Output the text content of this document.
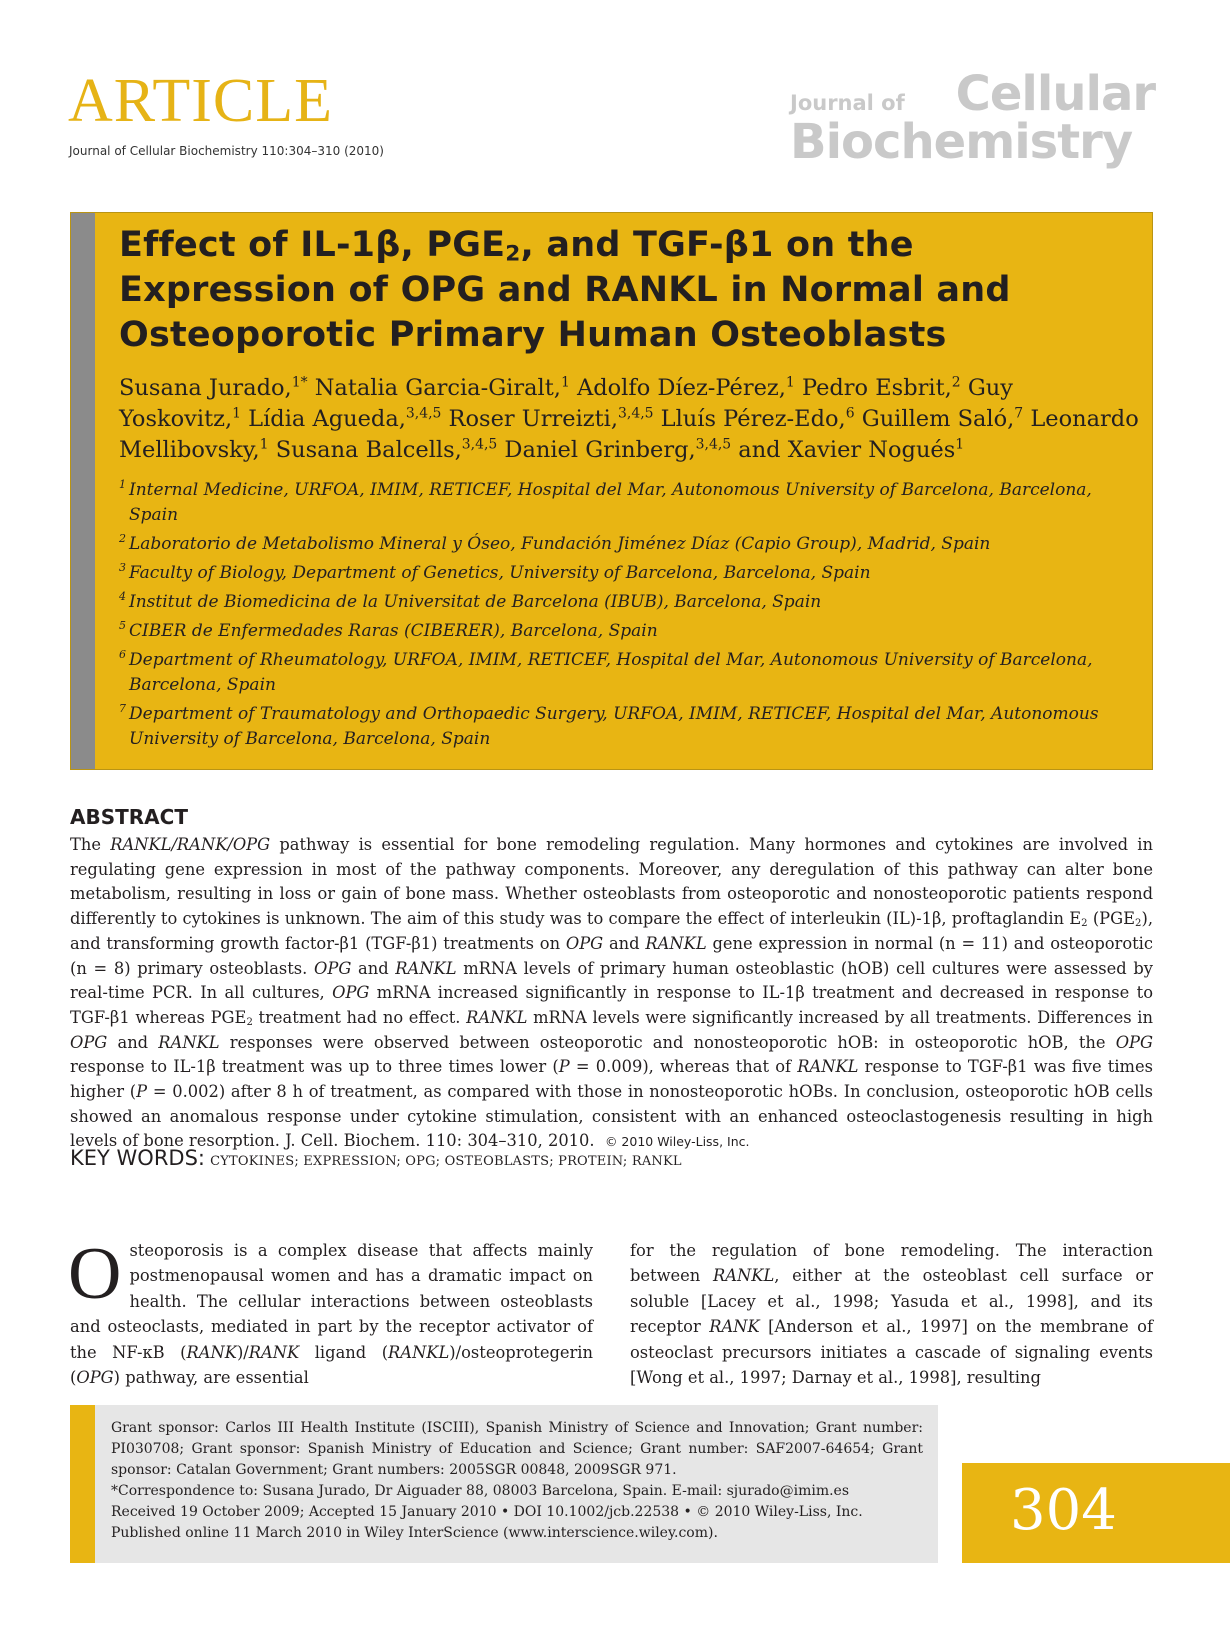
ARTICLE
Journal of Cellular Biochemistry 110:304–310 (2010)
Journal of Cellular
Biochemistry
Effect of IL-1β, $PGE_2$, and TGF-β1 on the Expression of OPG and RANKL in Normal and Osteoporotic Primary Human Osteoblasts
Susana Jurado,$^{1*}$ Natalia Garcia-Giralt,$^1$ Adolfo Díez-Pérez,$^1$ Pedro Esbrit,$^2$ Guy Yoskovitz,$^1$ Lídia Agueda,$^{3,4,5}$ Roser Urreizti,$^{3,4,5}$ Lluís Pérez-Edo,$^6$ Guillem Saló,$^7$ Leonardo Mellibovsky,$^1$ Susana Balcells,$^{3,4,5}$ Daniel Grinberg,$^{3,4,5}$ and Xavier Nogués$^1$
1 Internal Medicine, URFOA, IMIM, RETICEF, Hospital del Mar, Autonomous University of Barcelona, Barcelona, Spain
2 Laboratorio de Metabolismo Mineral y Óseo, Fundación Jiménez Díaz (Capio Group), Madrid, Spain
3 Faculty of Biology, Department of Genetics, University of Barcelona, Barcelona, Spain
4 Institut de Biomedicina de la Universitat de Barcelona (IBUB), Barcelona, Spain
5 CIBER de Enfermedades Raras (CIBERER), Barcelona, Spain
6 Department of Rheumatology, URFOA, IMIM, RETICEF, Hospital del Mar, Autonomous University of Barcelona, Barcelona, Spain
7 Department of Traumatology and Orthopaedic Surgery, URFOA, IMIM, RETICEF, Hospital del Mar, Autonomous University of Barcelona, Barcelona, Spain
ABSTRACT
The RANKL/RANK/OPG pathway is essential for bone remodeling regulation. Many hormones and cytokines are involved in regulating gene expression in most of the pathway components. Moreover, any deregulation of this pathway can alter bone metabolism, resulting in loss or gain of bone mass. Whether osteoblasts from osteoporotic and nonosteoporotic patients respond differently to cytokines is unknown. The aim of this study was to compare the effect of interleukin (IL)-1β, proftaglandin $E_2$ $(PGE_2)$, and transforming growth factor-β1 (TGF-β1) treatments on OPG and RANKL gene expression in normal (n = 11) and osteoporotic (n = 8) primary osteoblasts. OPG and RANKL mRNA levels of primary human osteoblastic (hOB) cell cultures were assessed by real-time PCR. In all cultures, OPG mRNA increased significantly in response to IL-1β treatment and decreased in response to TGF-β1 whereas $PGE_2$ treatment had no effect. RANKL mRNA levels were significantly increased by all treatments. Differences in OPG and RANKL responses were observed between osteoporotic and nonosteoporotic hOB: in osteoporotic hOB, the OPG response to IL-1β treatment was up to three times lower (P = 0.009), whereas that of RANKL response to TGF-β1 was five times higher (P = 0.002) after 8 h of treatment, as compared with those in nonosteoporotic hOBs. In conclusion, osteoporotic hOB cells showed an anomalous response under cytokine stimulation, consistent with an enhanced osteoclastogenesis resulting in high levels of bone resorption. J. Cell. Biochem. 110: 304–310, 2010. © 2010 Wiley-Liss, Inc.
KEY WORDS: CYTOKINES; EXPRESSION; OPG; OSTEOBLASTS; PROTEIN; RANKL
Osteoporosis is a complex disease that affects mainly postmenopausal women and has a dramatic impact on health. The cellular interactions between osteoblasts and osteoclasts, mediated in part by the receptor activator of the NF-κB (RANK)/RANK ligand (RANKL)/osteoprotegerin (OPG) pathway, are essential
for the regulation of bone remodeling. The interaction between RANKL, either at the osteoblast cell surface or soluble [Lacey et al., 1998; Yasuda et al., 1998], and its receptor RANK [Anderson et al., 1997] on the membrane of osteoclast precursors initiates a cascade of signaling events [Wong et al., 1997; Darnay et al., 1998], resulting

Grant sponsor: Carlos III Health Institute (ISCIII), Spanish Ministry of Science and Innovation; Grant number: PI030708; Grant sponsor: Spanish Ministry of Education and Science; Grant number: SAF2007-64654; Grant sponsor: Catalan Government; Grant numbers: 2005SGR 00848, 2009SGR 971.

*Correspondence to: Susana Jurado, Dr Aiguader 88, 08003 Barcelona, Spain. E-mail: sjurado@imim.es

Received 19 October 2009; Accepted 15 January 2010 • DOI 10.1002/jcb.22538 • © 2010 Wiley-Liss, Inc.

Published online 11 March 2010 in Wiley InterScience (www.interscience.wiley.com).	304
